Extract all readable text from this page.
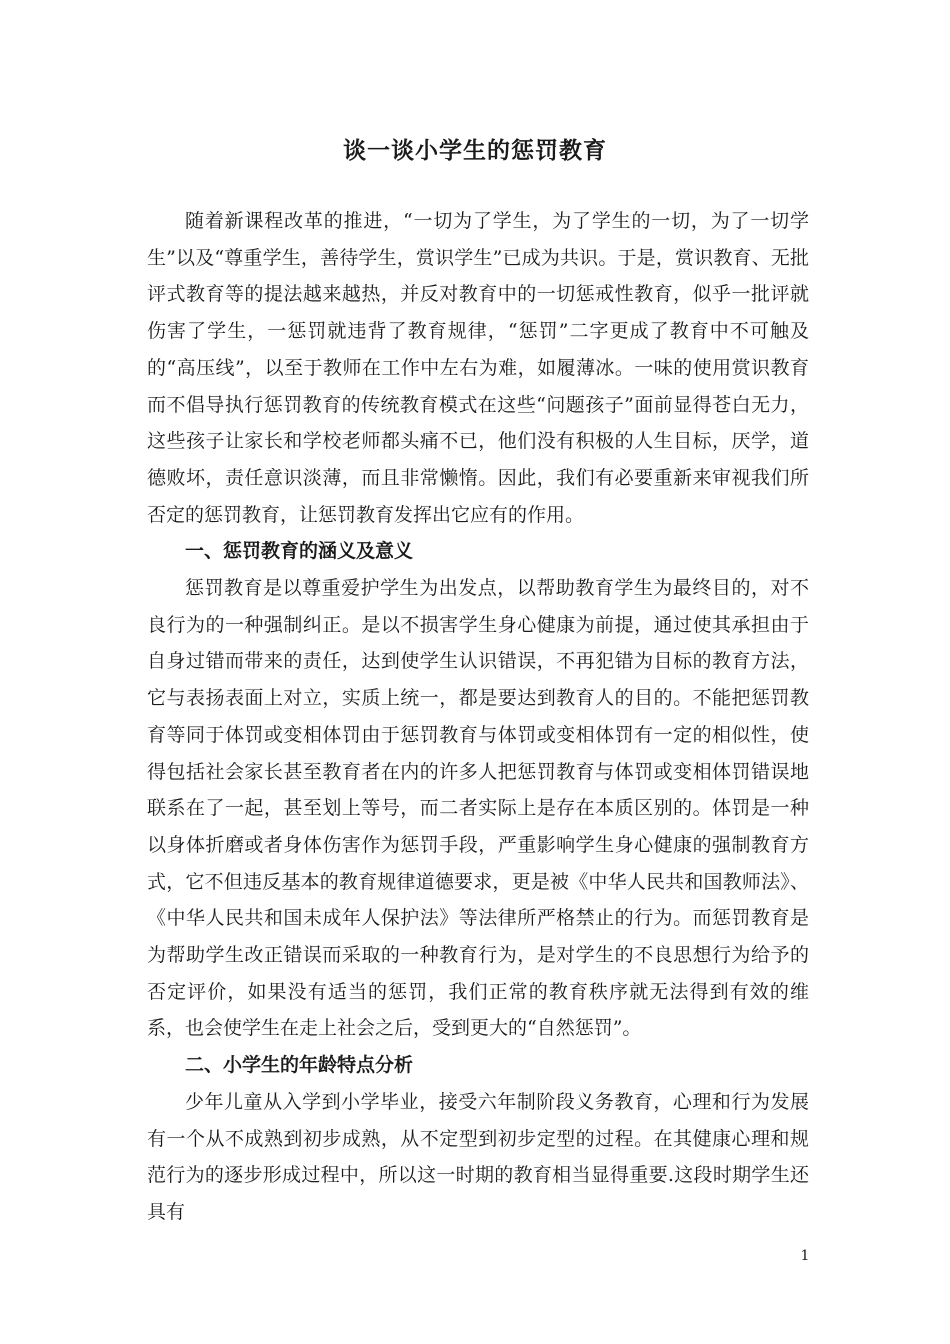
谈一谈小学生的惩罚教育

随着新课程改革的推进，“一切为了学生，为了学生的一切，为了一切学生”以及“尊重学生，善待学生，赏识学生”已成为共识。于是，赏识教育、无批评式教育等的提法越来越热，并反对教育中的一切惩戒性教育，似乎一批评就伤害了学生，一惩罚就违背了教育规律，“惩罚”二字更成了教育中不可触及的“高压线”，以至于教师在工作中左右为难，如履薄冰。一味的使用赏识教育而不倡导执行惩罚教育的传统教育模式在这些“问题孩子”面前显得苍白无力，这些孩子让家长和学校老师都头痛不已，他们没有积极的人生目标，厌学，道德败坏，责任意识淡薄，而且非常懒惰。因此，我们有必要重新来审视我们所否定的惩罚教育，让惩罚教育发挥出它应有的作用。

一、惩罚教育的涵义及意义

惩罚教育是以尊重爱护学生为出发点，以帮助教育学生为最终目的，对不良行为的一种强制纠正。是以不损害学生身心健康为前提，通过使其承担由于自身过错而带来的责任，达到使学生认识错误，不再犯错为目标的教育方法，它与表扬表面上对立，实质上统一，都是要达到教育人的目的。不能把惩罚教育等同于体罚或变相体罚由于惩罚教育与体罚或变相体罚有一定的相似性，使得包括社会家长甚至教育者在内的许多人把惩罚教育与体罚或变相体罚错误地联系在了一起，甚至划上等号，而二者实际上是存在本质区别的。体罚是一种以身体折磨或者身体伤害作为惩罚手段，严重影响学生身心健康的强制教育方式，它不但违反基本的教育规律道德要求，更是被《中华人民共和国教师法》、《中华人民共和国未成年人保护法》等法律所严格禁止的行为。而惩罚教育是为帮助学生改正错误而采取的一种教育行为，是对学生的不良思想行为给予的否定评价，如果没有适当的惩罚，我们正常的教育秩序就无法得到有效的维系，也会使学生在走上社会之后，受到更大的“自然惩罚”。

二、小学生的年龄特点分析

少年儿童从入学到小学毕业，接受六年制阶段义务教育，心理和行为发展有一个从不成熟到初步成熟，从不定型到初步定型的过程。在其健康心理和规范行为的逐步形成过程中，所以这一时期的教育相当显得重要.这段时期学生还具有

1
